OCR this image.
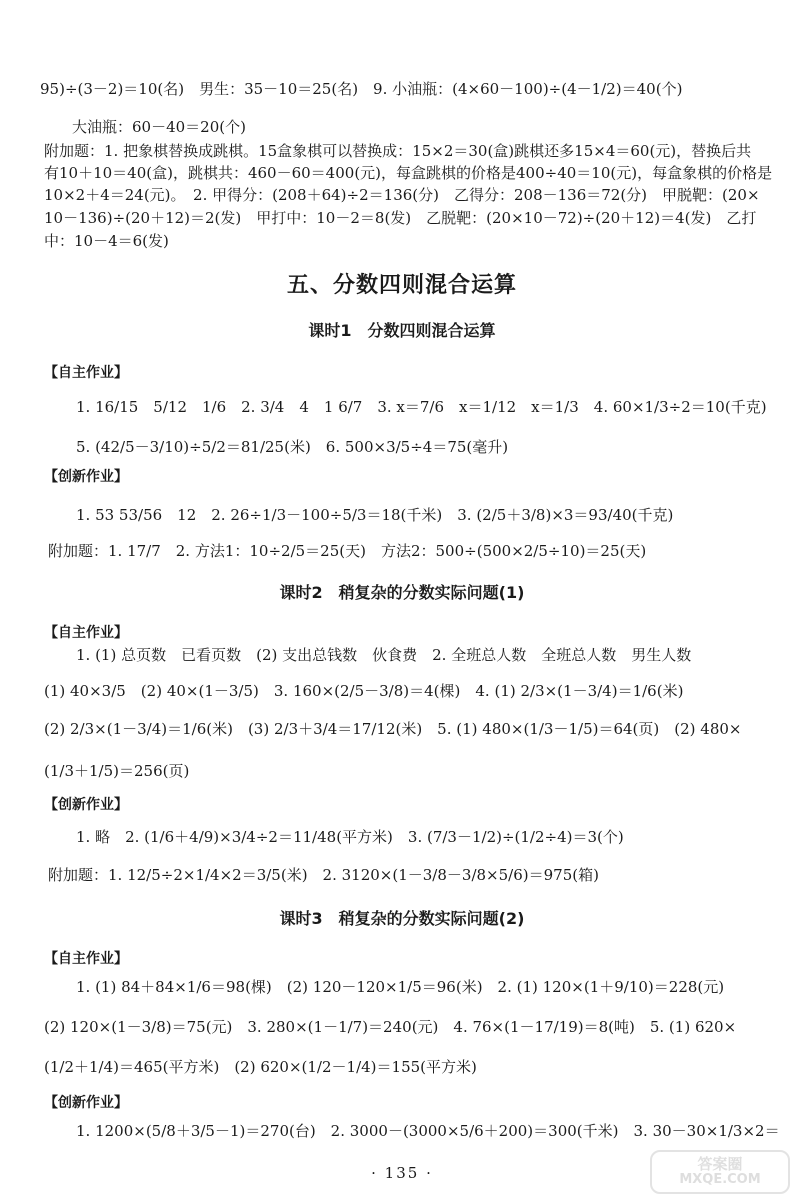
95)÷(3－2)＝10(名)　男生：35－10＝25(名)　9. 小油瓶：(4×60－100)÷(4－1/2)＝40(个)
大油瓶：60－40＝20(个)
附加题：1. 把象棋替换成跳棋。15盒象棋可以替换成：15×2＝30(盒)跳棋还多15×4＝60(元)，替换后共
有10＋10＝40(盒)，跳棋共：460－60＝400(元)，每盒跳棋的价格是400÷40＝10(元)，每盒象棋的价格是
10×2＋4＝24(元)。　2. 甲得分：(208＋64)÷2＝136(分)　乙得分：208－136＝72(分)　甲脱靶：(20×
10－136)÷(20＋12)＝2(发)　甲打中：10－2＝8(发)　乙脱靶：(20×10－72)÷(20＋12)＝4(发)　乙打
中：10－4＝6(发)
五、分数四则混合运算
课时1　分数四则混合运算
【自主作业】
1. 16/15　5/12　1/6　2. 3/4　4　1 6/7　3. x＝7/6　x＝1/12　x＝1/3　4. 60×1/3÷2＝10(千克)
5. (42/5－3/10)÷5/2＝81/25(米)　6. 500×3/5÷4＝75(毫升)
【创新作业】
1. 53 53/56　12　2. 26÷1/3－100÷5/3＝18(千米)　3. (2/5＋3/8)×3＝93/40(千克)
附加题：1. 17/7　2. 方法1：10÷2/5＝25(天)　方法2：500÷(500×2/5÷10)＝25(天)
课时2　稍复杂的分数实际问题(1)
【自主作业】
1. (1) 总页数　已看页数　(2) 支出总钱数　伙食费　2. 全班总人数　全班总人数　男生人数
(1) 40×3/5　(2) 40×(1－3/5)　3. 160×(2/5－3/8)＝4(棵)　4. (1) 2/3×(1－3/4)＝1/6(米)
(2) 2/3×(1－3/4)＝1/6(米)　(3) 2/3＋3/4＝17/12(米)　5. (1) 480×(1/3－1/5)＝64(页)　(2) 480×
(1/3＋1/5)＝256(页)
【创新作业】
1. 略　2. (1/6＋4/9)×3/4÷2＝11/48(平方米)　3. (7/3－1/2)÷(1/2÷4)＝3(个)
附加题：1. 12/5÷2×1/4×2＝3/5(米)　2. 3120×(1－3/8－3/8×5/6)＝975(箱)
课时3　稍复杂的分数实际问题(2)
【自主作业】
1. (1) 84＋84×1/6＝98(棵)　(2) 120－120×1/5＝96(米)　2. (1) 120×(1＋9/10)＝228(元)
(2) 120×(1－3/8)＝75(元)　3. 280×(1－1/7)＝240(元)　4. 76×(1－17/19)＝8(吨)　5. (1) 620×
(1/2＋1/4)＝465(平方米)　(2) 620×(1/2－1/4)＝155(平方米)
【创新作业】
1. 1200×(5/8＋3/5－1)＝270(台)　2. 3000－(3000×5/6＋200)＝300(千米)　3. 30－30×1/3×2＝
· 135 ·	答案圈
MXQE.COM
